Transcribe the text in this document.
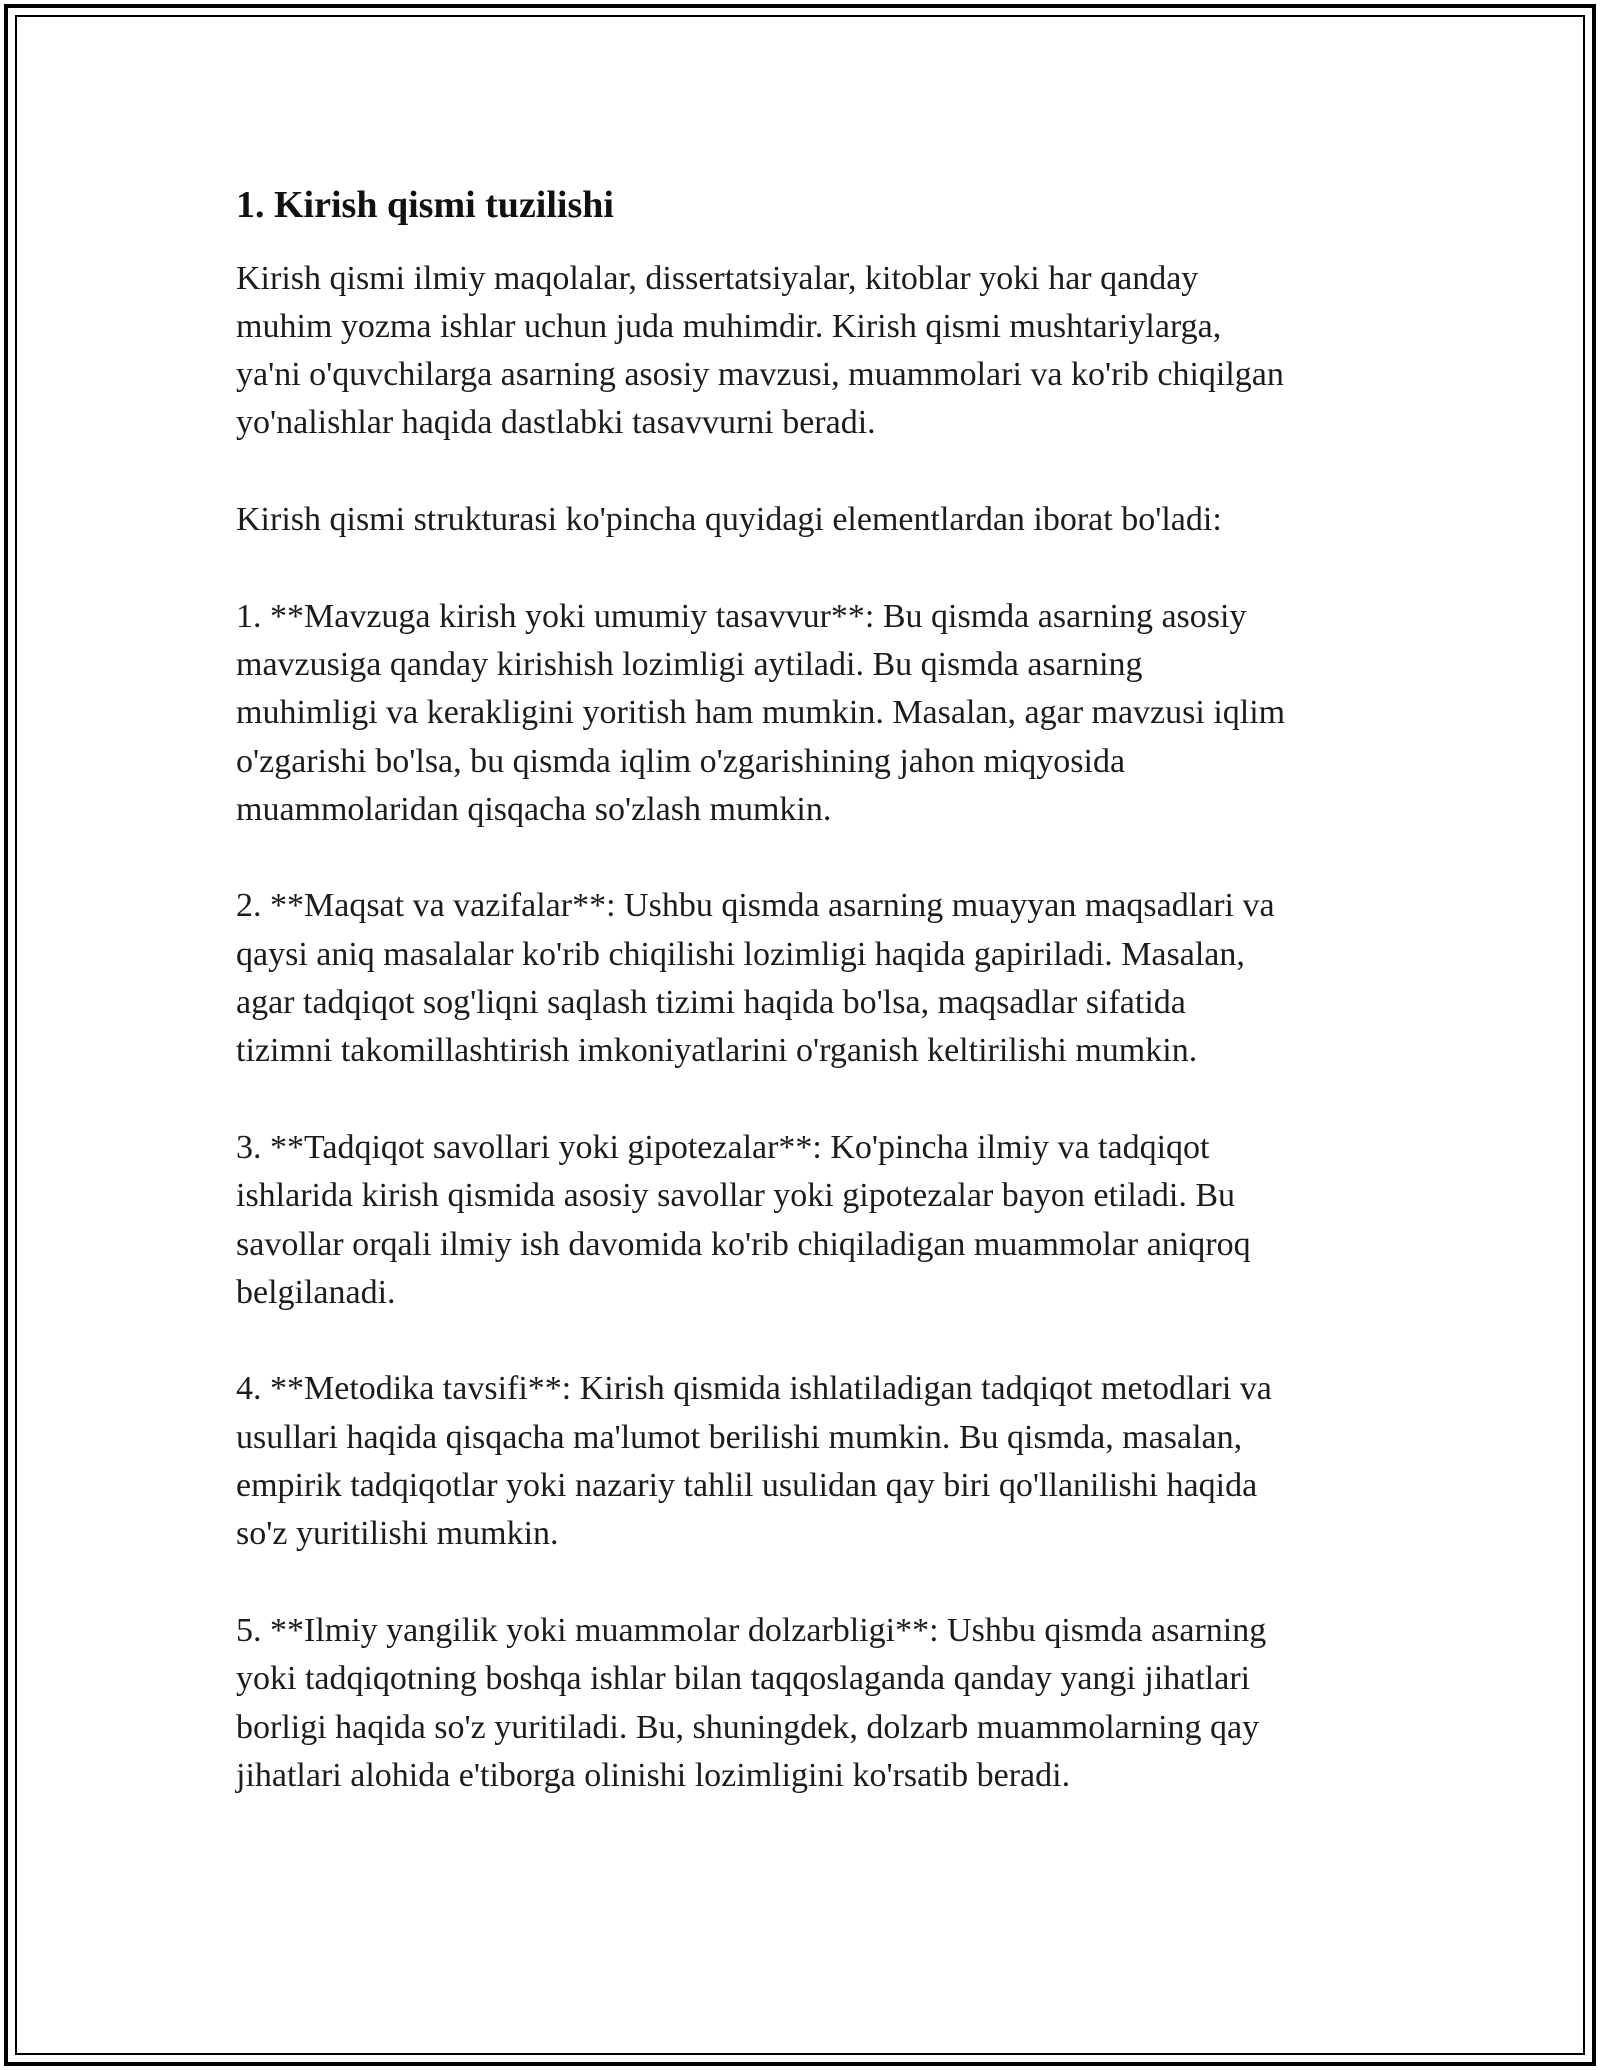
1. Kirish qismi tuzilishi

Kirish qismi ilmiy maqolalar, dissertatsiyalar, kitoblar yoki har qanday
muhim yozma ishlar uchun juda muhimdir. Kirish qismi mushtariylarga,
ya'ni o'quvchilarga asarning asosiy mavzusi, muammolari va ko'rib chiqilgan
yo'nalishlar haqida dastlabki tasavvurni beradi.

Kirish qismi strukturasi ko'pincha quyidagi elementlardan iborat bo'ladi:

1. **Mavzuga kirish yoki umumiy tasavvur**: Bu qismda asarning asosiy
mavzusiga qanday kirishish lozimligi aytiladi. Bu qismda asarning
muhimligi va kerakligini yoritish ham mumkin. Masalan, agar mavzusi iqlim
o'zgarishi bo'lsa, bu qismda iqlim o'zgarishining jahon miqyosida
muammolaridan qisqacha so'zlash mumkin.

2. **Maqsat va vazifalar**: Ushbu qismda asarning muayyan maqsadlari va
qaysi aniq masalalar ko'rib chiqilishi lozimligi haqida gapiriladi. Masalan,
agar tadqiqot sog'liqni saqlash tizimi haqida bo'lsa, maqsadlar sifatida
tizimni takomillashtirish imkoniyatlarini o'rganish keltirilishi mumkin.

3. **Tadqiqot savollari yoki gipotezalar**: Ko'pincha ilmiy va tadqiqot
ishlarida kirish qismida asosiy savollar yoki gipotezalar bayon etiladi. Bu
savollar orqali ilmiy ish davomida ko'rib chiqiladigan muammolar aniqroq
belgilanadi.

4. **Metodika tavsifi**: Kirish qismida ishlatiladigan tadqiqot metodlari va
usullari haqida qisqacha ma'lumot berilishi mumkin. Bu qismda, masalan,
empirik tadqiqotlar yoki nazariy tahlil usulidan qay biri qo'llanilishi haqida
so'z yuritilishi mumkin.

5. **Ilmiy yangilik yoki muammolar dolzarbligi**: Ushbu qismda asarning
yoki tadqiqotning boshqa ishlar bilan taqqoslaganda qanday yangi jihatlari
borligi haqida so'z yuritiladi. Bu, shuningdek, dolzarb muammolarning qay
jihatlari alohida e'tiborga olinishi lozimligini ko'rsatib beradi.
